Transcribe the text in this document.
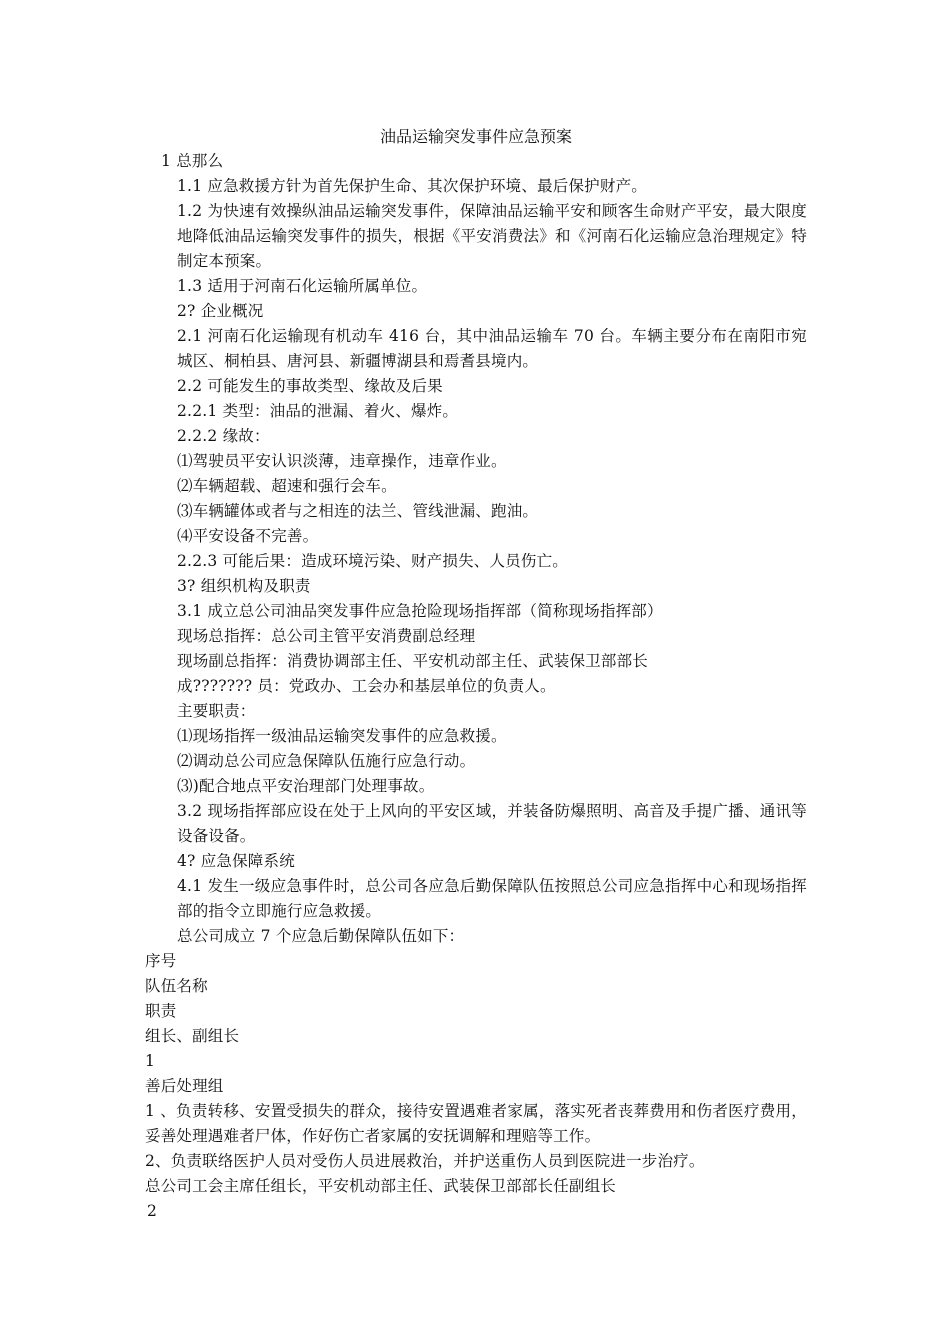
油品运输突发事件应急预案

1 总那么

1.1 应急救援方针为首先保护生命、其次保护环境、最后保护财产。

1.2 为快速有效操纵油品运输突发事件，保障油品运输平安和顾客生命财产平安，最大限度地降低油品运输突发事件的损失，根据《平安消费法》和《河南石化运输应急治理规定》特制定本预案。

1.3 适用于河南石化运输所属单位。

2? 企业概况

2.1 河南石化运输现有机动车 416 台，其中油品运输车 70 台。车辆主要分布在南阳市宛城区、桐柏县、唐河县、新疆博湖县和焉耆县境内。

2.2 可能发生的事故类型、缘故及后果

2.2.1 类型：油品的泄漏、着火、爆炸。

2.2.2 缘故：

⑴驾驶员平安认识淡薄，违章操作，违章作业。

⑵车辆超载、超速和强行会车。

⑶车辆罐体或者与之相连的法兰、管线泄漏、跑油。

⑷平安设备不完善。

2.2.3 可能后果：造成环境污染、财产损失、人员伤亡。

3? 组织机构及职责

3.1 成立总公司油品突发事件应急抢险现场指挥部（简称现场指挥部）

现场总指挥：总公司主管平安消费副总经理

现场副总指挥：消费协调部主任、平安机动部主任、武装保卫部部长

成??????? 员：党政办、工会办和基层单位的负责人。

主要职责：

⑴现场指挥一级油品运输突发事件的应急救援。

⑵调动总公司应急保障队伍施行应急行动。

⑶)配合地点平安治理部门处理事故。

3.2 现场指挥部应设在处于上风向的平安区域，并装备防爆照明、高音及手提广播、通讯等设备设备。

4? 应急保障系统

4.1 发生一级应急事件时，总公司各应急后勤保障队伍按照总公司应急指挥中心和现场指挥部的指令立即施行应急救援。

总公司成立 7 个应急后勤保障队伍如下：

序号

队伍名称

职责

组长、副组长

1

善后处理组

1 、负责转移、安置受损失的群众，接待安置遇难者家属，落实死者丧葬费用和伤者医疗费用，妥善处理遇难者尸体，作好伤亡者家属的安抚调解和理赔等工作。

2、负责联络医护人员对受伤人员进展救治，并护送重伤人员到医院进一步治疗。

总公司工会主席任组长，平安机动部主任、武装保卫部部长任副组长

2
